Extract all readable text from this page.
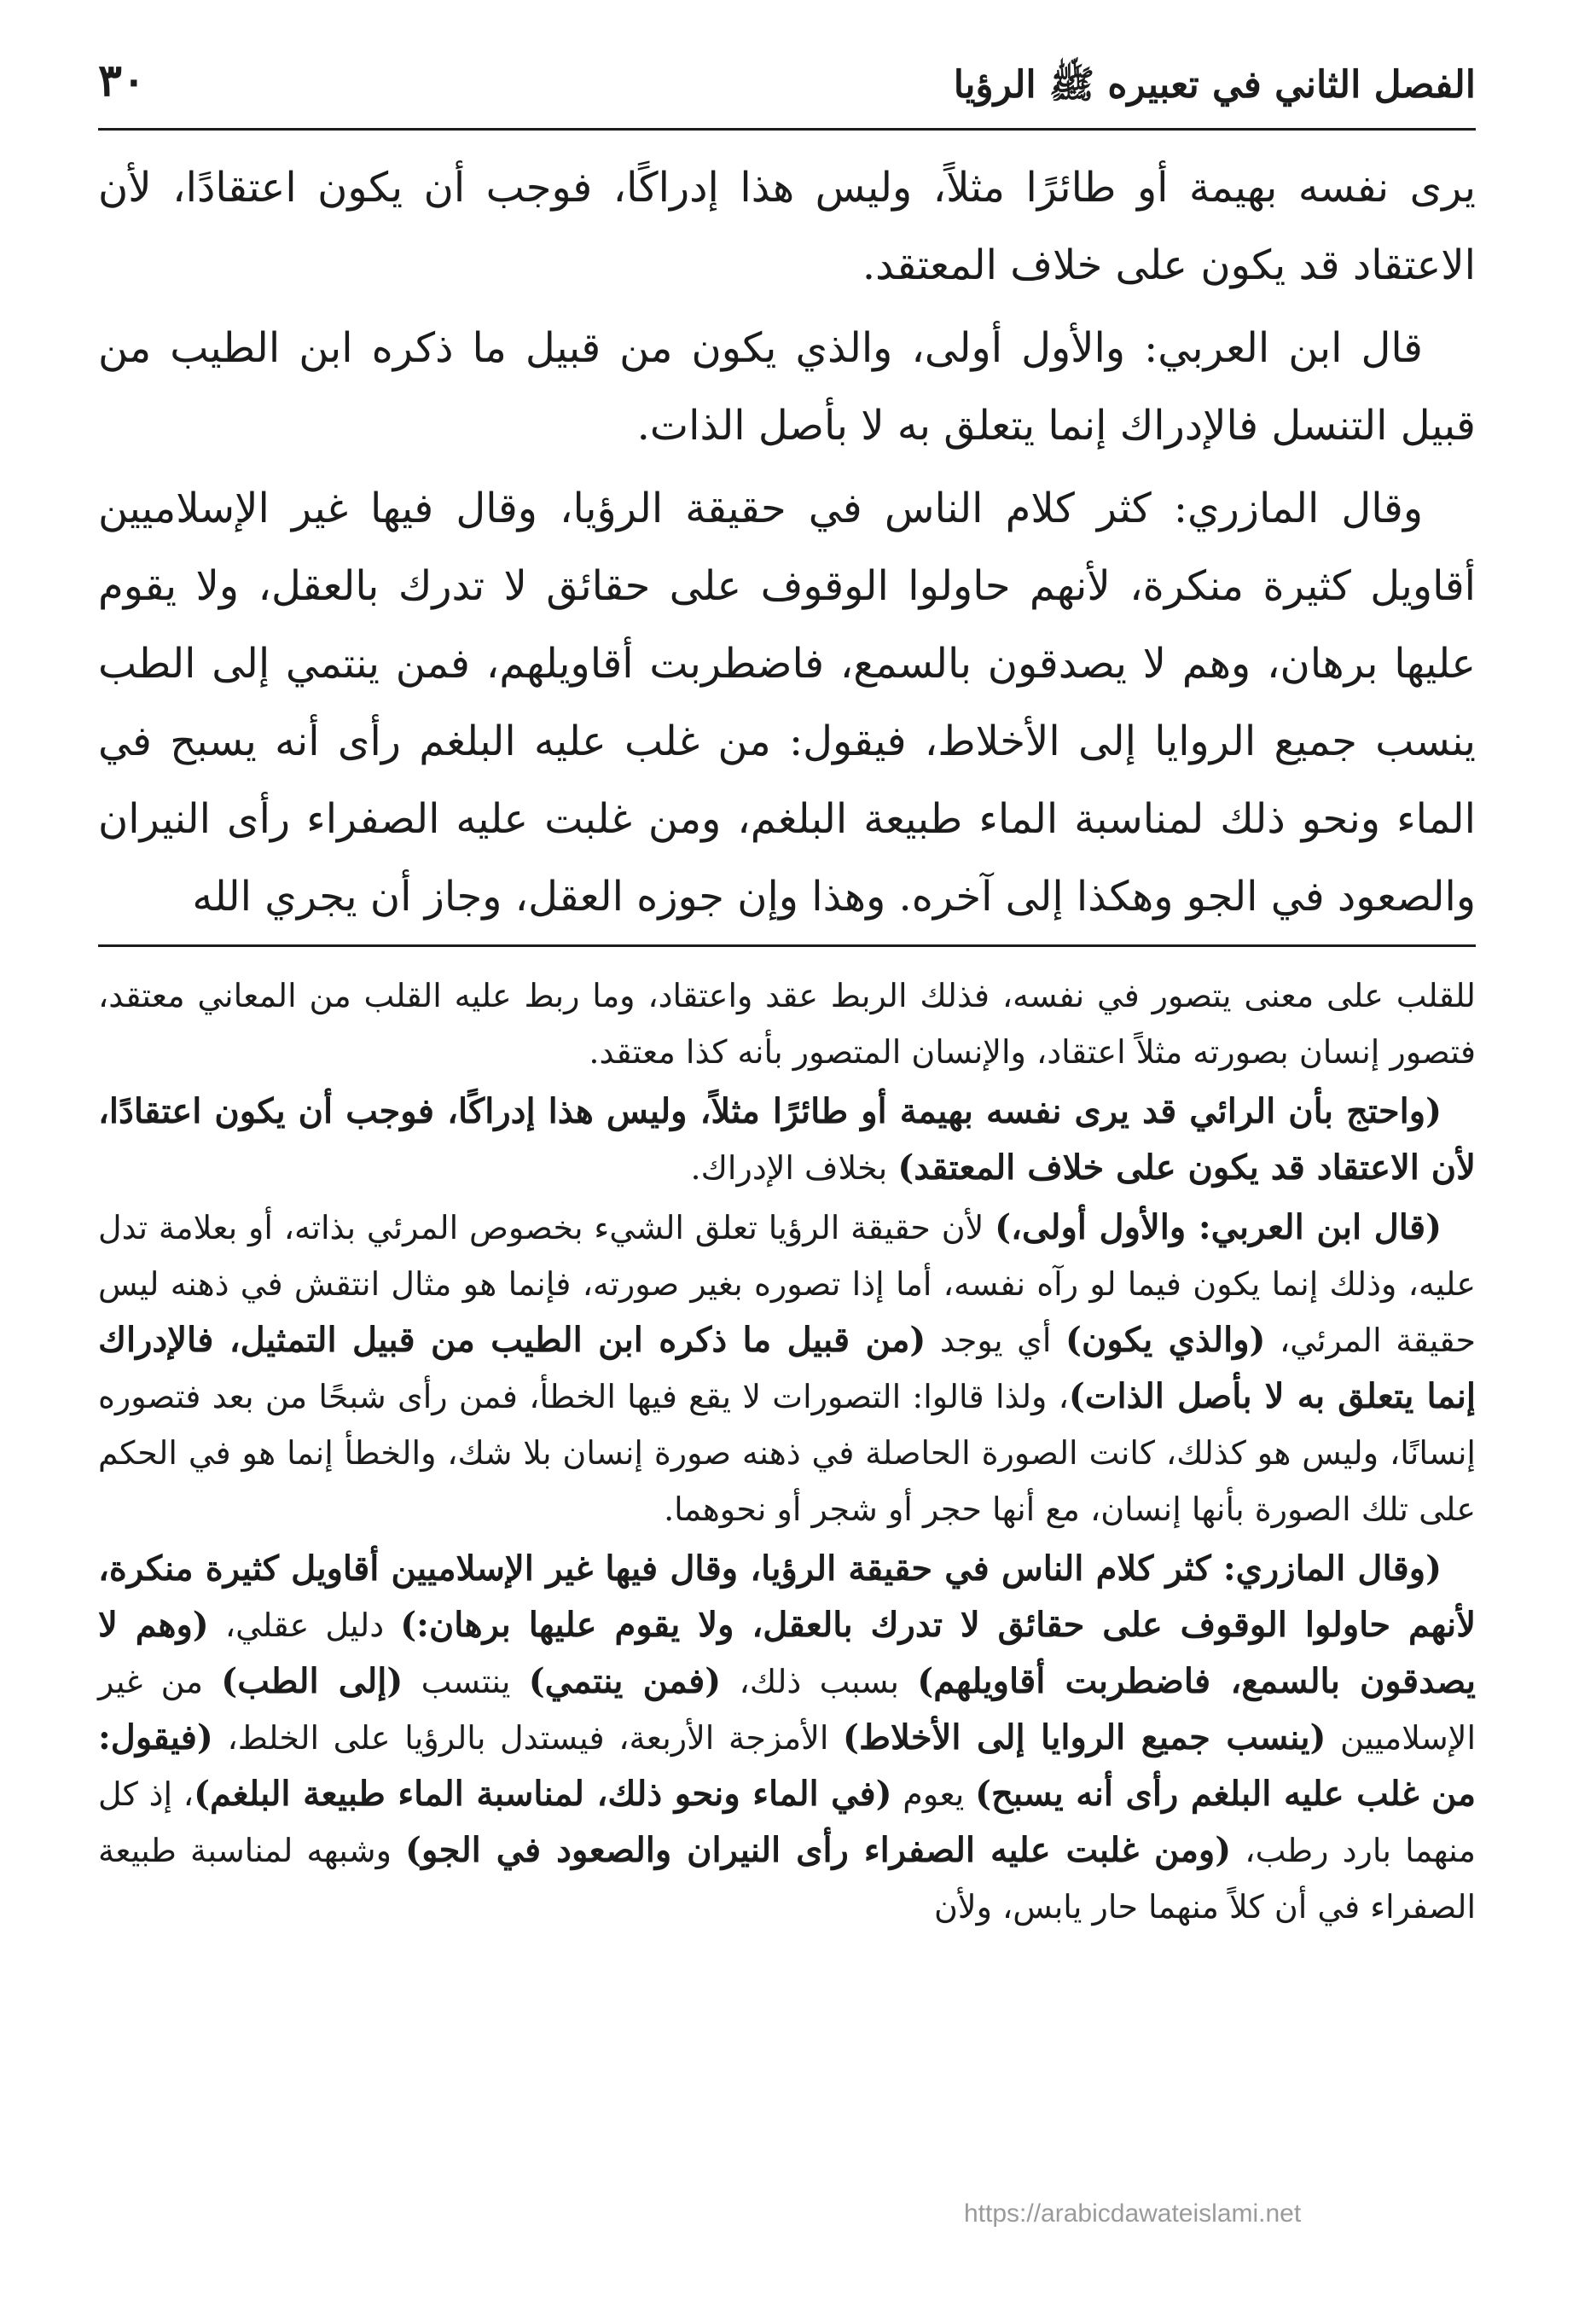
الفصل الثاني في تعبيره ﷺ الرؤيا
٣٠

يرى نفسه بهيمة أو طائرًا مثلاً، وليس هذا إدراكًا، فوجب أن يكون اعتقادًا، لأن الاعتقاد قد يكون على خلاف المعتقد.

قال ابن العربي: والأول أولى، والذي يكون من قبيل ما ذكره ابن الطيب من قبيل التنسل فالإدراك إنما يتعلق به لا بأصل الذات.

وقال المازري: كثر كلام الناس في حقيقة الرؤيا، وقال فيها غير الإسلاميين أقاويل كثيرة منكرة، لأنهم حاولوا الوقوف على حقائق لا تدرك بالعقل، ولا يقوم عليها برهان، وهم لا يصدقون بالسمع، فاضطربت أقاويلهم، فمن ينتمي إلى الطب ينسب جميع الروايا إلى الأخلاط، فيقول: من غلب عليه البلغم رأى أنه يسبح في الماء ونحو ذلك لمناسبة الماء طبيعة البلغم، ومن غلبت عليه الصفراء رأى النيران والصعود في الجو وهكذا إلى آخره. وهذا وإن جوزه العقل، وجاز أن يجري الله

للقلب على معنى يتصور في نفسه، فذلك الربط عقد واعتقاد، وما ربط عليه القلب من المعاني معتقد، فتصور إنسان بصورته مثلاً اعتقاد، والإنسان المتصور بأنه كذا معتقد.

(واحتج بأن الرائي قد يرى نفسه بهيمة أو طائرًا مثلاً، وليس هذا إدراكًا، فوجب أن يكون اعتقادًا، لأن الاعتقاد قد يكون على خلاف المعتقد) بخلاف الإدراك.

(قال ابن العربي: والأول أولى،) لأن حقيقة الرؤيا تعلق الشيء بخصوص المرئي بذاته، أو بعلامة تدل عليه، وذلك إنما يكون فيما لو رآه نفسه، أما إذا تصوره بغير صورته، فإنما هو مثال انتقش في ذهنه ليس حقيقة المرئي، (والذي يكون) أي يوجد (من قبيل ما ذكره ابن الطيب من قبيل التمثيل، فالإدراك إنما يتعلق به لا بأصل الذات)، ولذا قالوا: التصورات لا يقع فيها الخطأ، فمن رأى شبحًا من بعد فتصوره إنسانًا، وليس هو كذلك، كانت الصورة الحاصلة في ذهنه صورة إنسان بلا شك، والخطأ إنما هو في الحكم على تلك الصورة بأنها إنسان، مع أنها حجر أو شجر أو نحوهما.

(وقال المازري: كثر كلام الناس في حقيقة الرؤيا، وقال فيها غير الإسلاميين أقاويل كثيرة منكرة، لأنهم حاولوا الوقوف على حقائق لا تدرك بالعقل، ولا يقوم عليها برهان:) دليل عقلي، (وهم لا يصدقون بالسمع، فاضطربت أقاويلهم) بسبب ذلك، (فمن ينتمي) ينتسب (إلى الطب) من غير الإسلاميين (ينسب جميع الروايا إلى الأخلاط) الأمزجة الأربعة، فيستدل بالرؤيا على الخلط، (فيقول: من غلب عليه البلغم رأى أنه يسبح) يعوم (في الماء ونحو ذلك، لمناسبة الماء طبيعة البلغم)، إذ كل منهما بارد رطب، (ومن غلبت عليه الصفراء رأى النيران والصعود في الجو) وشبهه لمناسبة طبيعة الصفراء في أن كلاً منهما حار يابس، ولأن

https://arabicdawateislami.net
